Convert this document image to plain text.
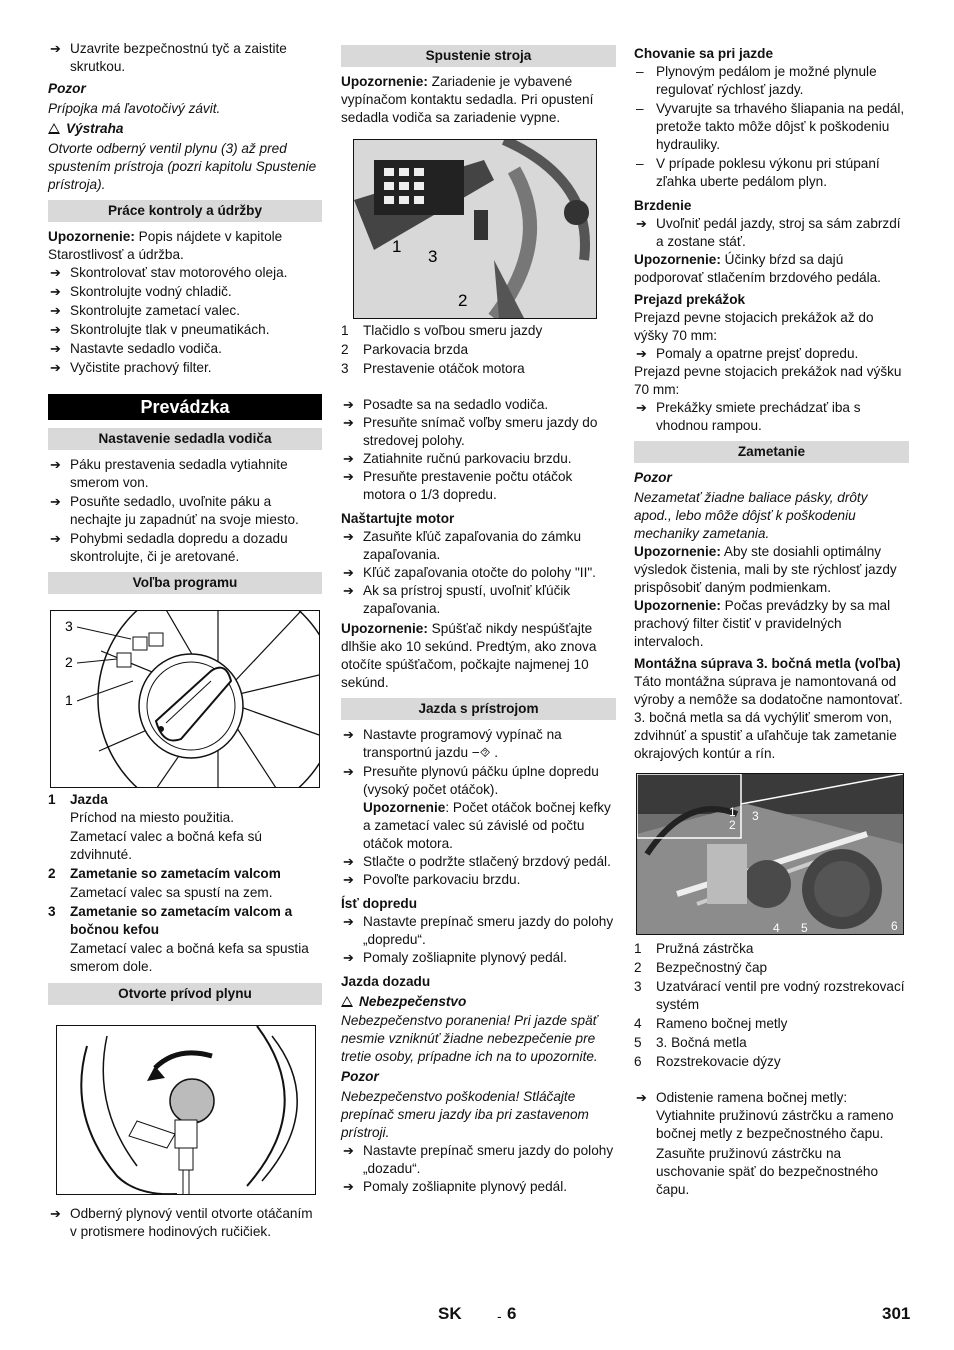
➔ Uzavrite bezpečnostnú tyč a zaistite skrutkou.

Pozor

Prípojka má ľavotočivý závit.

Výstraha

Otvorte odberný ventil plynu (3) až pred spustením prístroja (pozri kapitolu Spustenie prístroja).

Práce kontroly a údržby

Upozornenie: Popis nájdete v kapitole Starostlivosť a údržba.

➔ Skontrolovať stav motorového oleja.

➔ Skontrolujte vodný chladič.

➔ Skontrolujte zametací valec.

➔ Skontrolujte tlak v pneumatikách.

➔ Nastavte sedadlo vodiča.

➔ Vyčistite prachový filter.

Prevádzka
Nastavenie sedadla vodiča

➔ Páku prestavenia sedadla vytiahnite smerom von.

➔ Posuňte sedadlo, uvoľnite páku a nechajte ju zapadnúť na svoje miesto.

➔ Pohybmi sedadla dopredu a dozadu skontrolujte, či je aretované.

Voľba programu
3
2
1

1 Jazda

Príchod na miesto použitia.

Zametací valec a bočná kefa sú zdvihnuté.

2 Zametanie so zametacím valcom

Zametací valec sa spustí na zem.

3 Zametanie so zametacím valcom a bočnou kefou

Zametací valec a bočná kefa sa spustia smerom dole.

Otvorte prívod plynu

➔ Odberný plynový ventil otvorte otáčaním v protismere hodinových ručičiek.

Spustenie stroja

Upozornenie: Zariadenie je vybavené vypínačom kontaktu sedadla. Pri opustení sedadla vodiča sa zariadenie vypne.

1
3
2

1 Tlačidlo s voľbou smeru jazdy

2 Parkovacia brzda

3 Prestavenie otáčok motora

➔ Posadte sa na sedadlo vodiča.

➔ Presuňte snímač voľby smeru jazdy do stredovej polohy.

➔ Zatiahnite ručnú parkovaciu brzdu.

➔ Presuňte prestavenie počtu otáčok motora o 1/3 dopredu.

Naštartujte motor

➔ Zasuňte kľúč zapaľovania do zámku zapaľovania.

➔ Kľúč zapaľovania otočte do polohy "II".

➔ Ak sa prístroj spustí, uvoľniť kľúčik zapaľovania.

Upozornenie: Spúšťač nikdy nespúšťajte dlhšie ako 10 sekúnd. Predtým, ako znova otočíte spúšťačom, počkajte najmenej 10 sekúnd.

Jazda s prístrojom

➔ Nastavte programový vypínač na transportnú jazdu −⯑ .

➔ Presuňte plynovú páčku úplne dopredu (vysoký počet otáčok).

Upozornenie: Počet otáčok bočnej kefky a zametací valec sú závislé od počtu otáčok motora.

➔ Stlačte o podržte stlačený brzdový pedál.

➔ Povoľte parkovaciu brzdu.

Ísť dopredu

➔ Nastavte prepínač smeru jazdy do polohy „dopredu“.

➔ Pomaly zošliapnite plynový pedál.

Jazda dozadu

Nebezpečenstvo

Nebezpečenstvo poranenia! Pri jazde späť nesmie vzniknúť žiadne nebezpečenie pre tretie osoby, prípadne ich na to upozornite.

Pozor

Nebezpečenstvo poškodenia! Stláčajte prepínač smeru jazdy iba pri zastavenom prístroji.

➔ Nastavte prepínač smeru jazdy do polohy „dozadu“.

➔ Pomaly zošliapnite plynový pedál.

Chovanie sa pri jazde

– Plynovým pedálom je možné plynule regulovať rýchlosť jazdy.

– Vyvarujte sa trhavého šliapania na pedál, pretože takto môže dôjsť k poškodeniu hydrauliky.

– V prípade poklesu výkonu pri stúpaní zľahka uberte pedálom plyn.

Brzdenie

➔ Uvoľniť pedál jazdy, stroj sa sám zabrzdí a zostane stáť.

Upozornenie: Účinky bŕzd sa dajú podporovať stlačením brzdového pedála.

Prejazd prekážok

Prejazd pevne stojacich prekážok až do výšky 70 mm:

➔ Pomaly a opatrne prejsť dopredu.

Prejazd pevne stojacich prekážok nad výšku 70 mm:

➔ Prekážky smiete prechádzať iba s vhodnou rampou.

Zametanie

Pozor

Nezametať žiadne baliace pásky, drôty apod., lebo môže dôjsť k poškodeniu mechaniky zametania.

Upozornenie: Aby ste dosiahli optimálny výsledok čistenia, mali by ste rýchlosť jazdy prispôsobiť daným podmienkam.

Upozornenie: Počas prevádzky by sa mal prachový filter čistiť v pravidelných intervaloch.

Montážna súprava 3. bočná metla (voľba)

Táto montážna súprava je namontovaná od výroby a nemôže sa dodatočne namontovať.

3. bočná metla sa dá vychýliť smerom von, zdvihnúť a spustiť a uľahčuje tak zametanie okrajových kontúr a rín.

1
2
3
4 5	6

1 Pružná zástrčka

2 Bezpečnostný čap

3 Uzatvárací ventil pre vodný rozstrekovací systém

4 Rameno bočnej metly

5 3. Bočná metla

6 Rozstrekovacie dýzy

➔ Odistenie ramena bočnej metly: Vytiahnite pružinovú zástrčku a rameno bočnej metly z bezpečnostného čapu.

Zasuňte pružinovú zástrčku na uschovanie späť do bezpečnostného čapu.

SK	- 6	301
